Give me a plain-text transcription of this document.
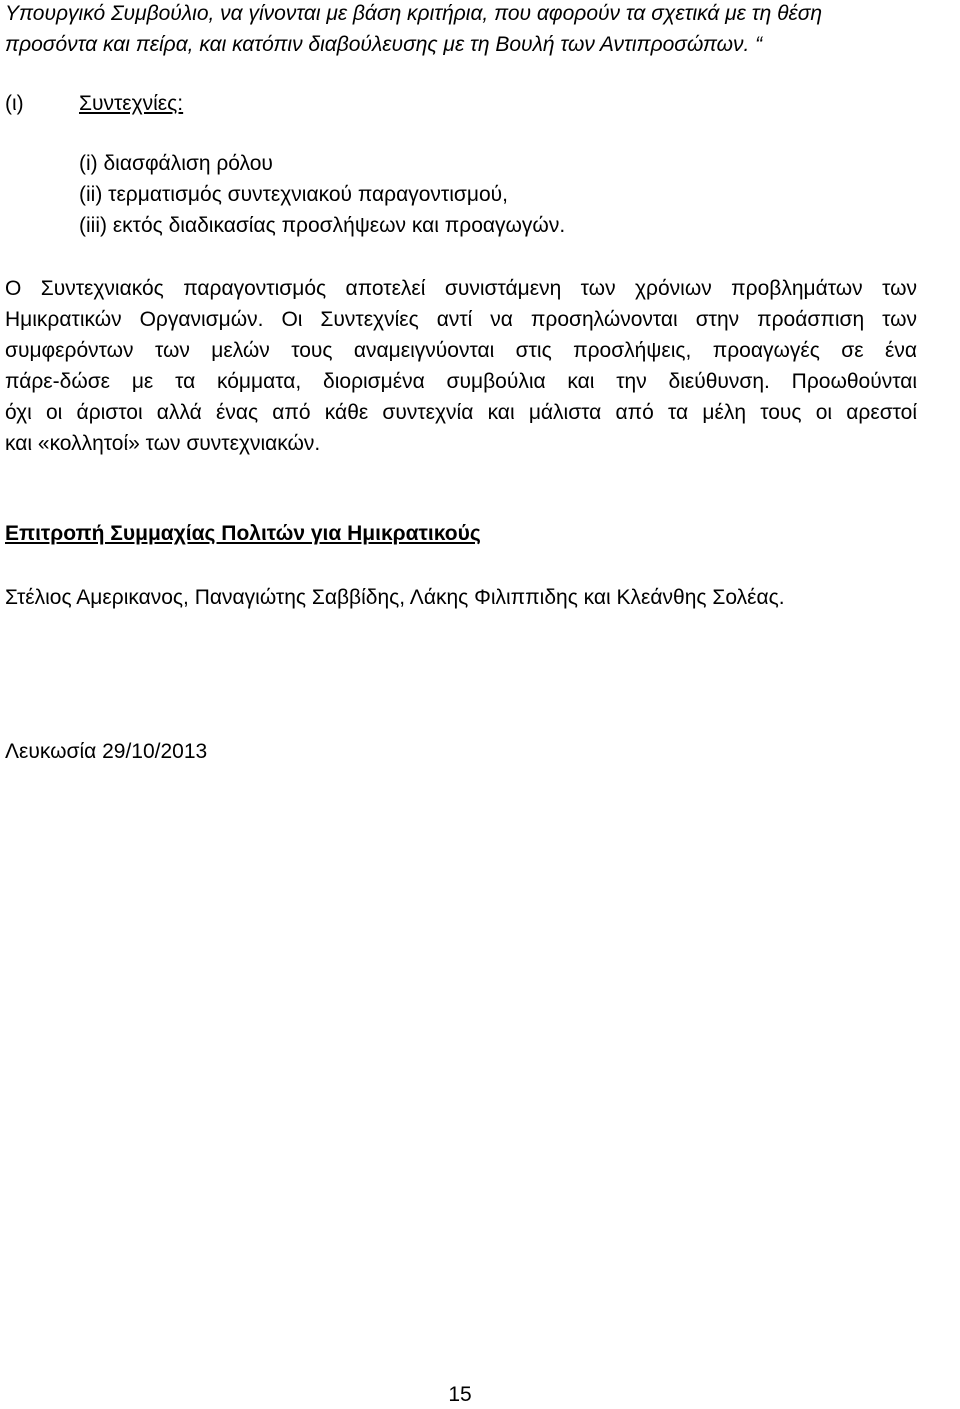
Υπουργικό Συμβούλιο, να γίνονται με βάση κριτήρια, που αφορούν τα σχετικά με τη θέση
προσόντα και πείρα, και κατόπιν διαβούλευσης με τη Βουλή των Αντιπροσώπων. “
(ι)	Συντεχνίες:
(i) διασφάλιση ρόλου
(ii) τερματισμός συντεχνιακού παραγοντισμού,
(iii) εκτός διαδικασίας προσλήψεων και προαγωγών.
Ο Συντεχνιακός παραγοντισμός αποτελεί συνιστάμενη των χρόνιων προβλημάτων των
Ημικρατικών Οργανισμών. Οι Συντεχνίες αντί να προσηλώνονται στην προάσπιση των
συμφερόντων των μελών τους αναμειγνύονται στις προσλήψεις, προαγωγές σε ένα
πάρε-δώσε με τα κόμματα, διορισμένα συμβούλια και την διεύθυνση. Προωθούνται
όχι οι άριστοι αλλά ένας από κάθε συντεχνία και μάλιστα από τα μέλη τους οι αρεστοί
και «κολλητοί» των συντεχνιακών.
Επιτροπή Συμμαχίας Πολιτών για Ημικρατικούς
Στέλιος Αμερικανος, Παναγιώτης Σαββίδης, Λάκης Φιλιππιδης και Κλεάνθης Σολέας.
Λευκωσία 29/10/2013
15
